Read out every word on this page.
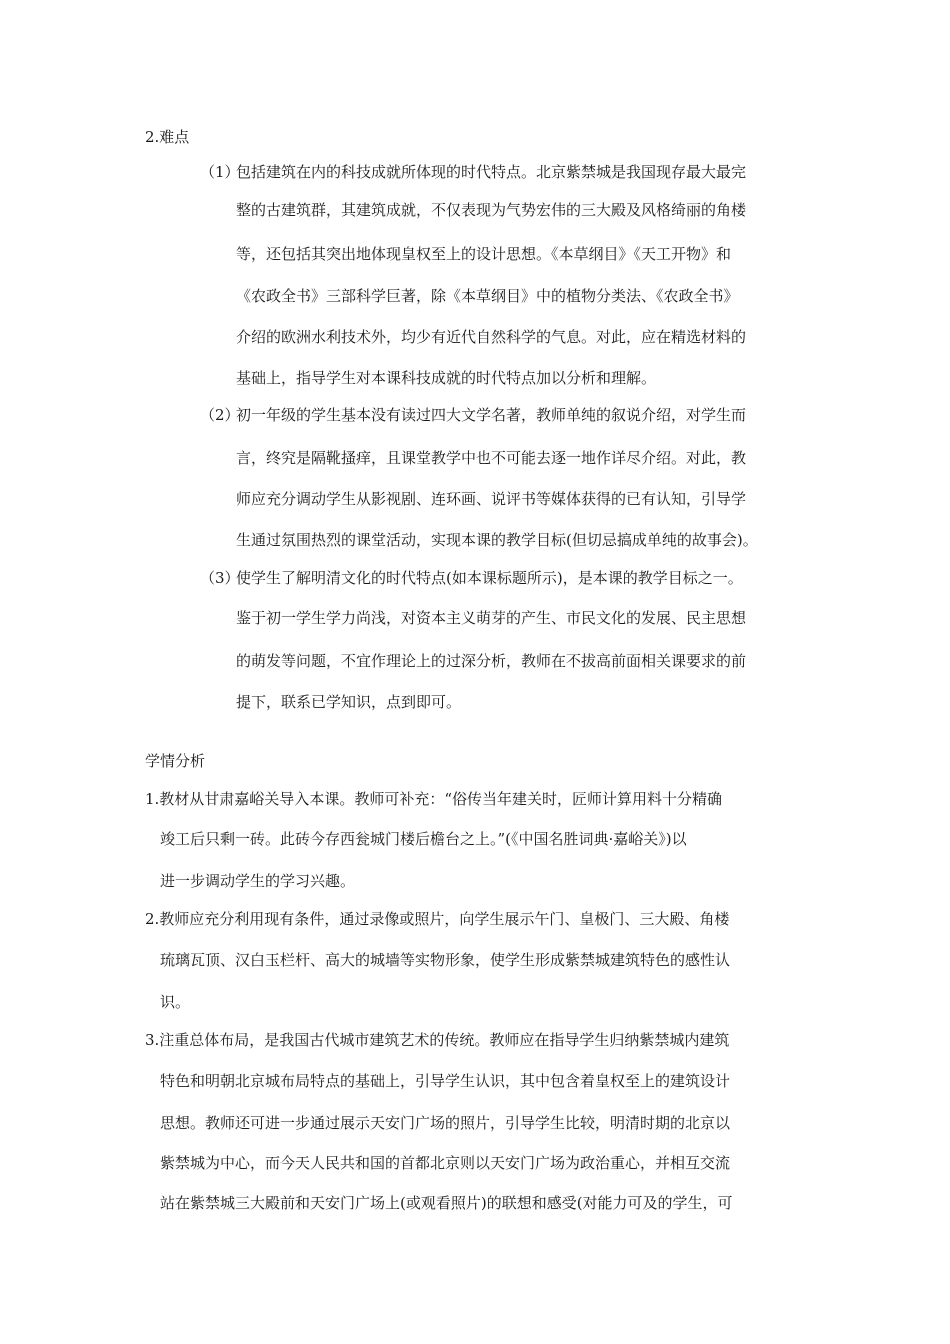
2.难点
（1）
包括建筑在内的科技成就所体现的时代特点。北京紫禁城是我国现存最大最完
整的古建筑群，其建筑成就，不仅表现为气势宏伟的三大殿及风格绮丽的角楼
等，还包括其突出地体现皇权至上的设计思想。《本草纲目》《天工开物》和
《农政全书》三部科学巨著，除《本草纲目》中的植物分类法、《农政全书》
介绍的欧洲水利技术外，均少有近代自然科学的气息。对此，应在精选材料的
基础上，指导学生对本课科技成就的时代特点加以分析和理解。
（2）
初一年级的学生基本没有读过四大文学名著，教师单纯的叙说介绍，对学生而
言，终究是隔靴搔痒，且课堂教学中也不可能去逐一地作详尽介绍。对此，教
师应充分调动学生从影视剧、连环画、说评书等媒体获得的已有认知，引导学
生通过氛围热烈的课堂活动，实现本课的教学目标(但切忌搞成单纯的故事会)。
（3）
使学生了解明清文化的时代特点(如本课标题所示)，是本课的教学目标之一。
鉴于初一学生学力尚浅，对资本主义萌芽的产生、市民文化的发展、民主思想
的萌发等问题，不宜作理论上的过深分析，教师在不拔高前面相关课要求的前
提下，联系已学知识，点到即可。
学情分析
1.教材从甘肃嘉峪关导入本课。教师可补充：“俗传当年建关时，匠师计算用料十分精确
竣工后只剩一砖。此砖今存西瓮城门楼后檐台之上。”(《中国名胜词典·嘉峪关》)以
进一步调动学生的学习兴趣。
2.教师应充分利用现有条件，通过录像或照片，向学生展示午门、皇极门、三大殿、角楼
琉璃瓦顶、汉白玉栏杆、高大的城墙等实物形象，使学生形成紫禁城建筑特色的感性认
识。
3.注重总体布局，是我国古代城市建筑艺术的传统。教师应在指导学生归纳紫禁城内建筑
特色和明朝北京城布局特点的基础上，引导学生认识，其中包含着皇权至上的建筑设计
思想。教师还可进一步通过展示天安门广场的照片，引导学生比较，明清时期的北京以
紫禁城为中心，而今天人民共和国的首都北京则以天安门广场为政治重心，并相互交流
站在紫禁城三大殿前和天安门广场上(或观看照片)的联想和感受(对能力可及的学生，可
